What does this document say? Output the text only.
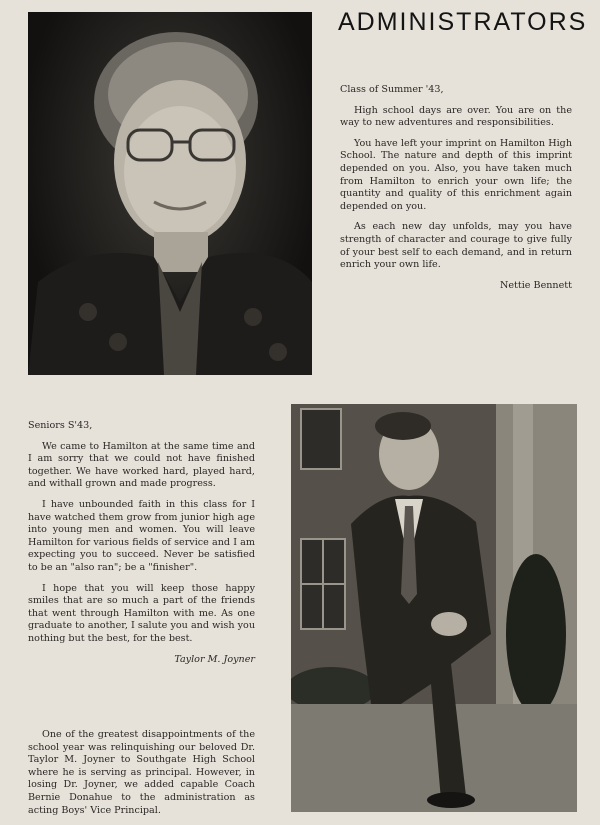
ADMINISTRATORS

Class of Summer '43,

High school days are over. You are on the way to new adventures and responsibilities.

You have left your imprint on Hamilton High School. The nature and depth of this imprint depended on you. Also, you have taken much from Hamilton to enrich your own life; the quantity and quality of this enrichment again depended on you.

As each new day unfolds, may you have strength of character and courage to give fully of your best self to each demand, and in return enrich your own life.

Nettie Bennett

Seniors S'43,

We came to Hamilton at the same time and I am sorry that we could not have finished together. We have worked hard, played hard, and withall grown and made progress.

I have unbounded faith in this class for I have watched them grow from junior high age into young men and women. You will leave Hamilton for various fields of service and I am expecting you to succeed. Never be satisfied to be an "also ran"; be a "finisher".

I hope that you will keep those happy smiles that are so much a part of the friends that went through Hamilton with me. As one graduate to another, I salute you and wish you nothing but the best, for the best.

Taylor M. Joyner

One of the greatest disappointments of the school year was relinquishing our beloved Dr. Taylor M. Joyner to Southgate High School where he is serving as principal. However, in losing Dr. Joyner, we added capable Coach Bernie Donahue to the administration as acting Boys' Vice Principal.
